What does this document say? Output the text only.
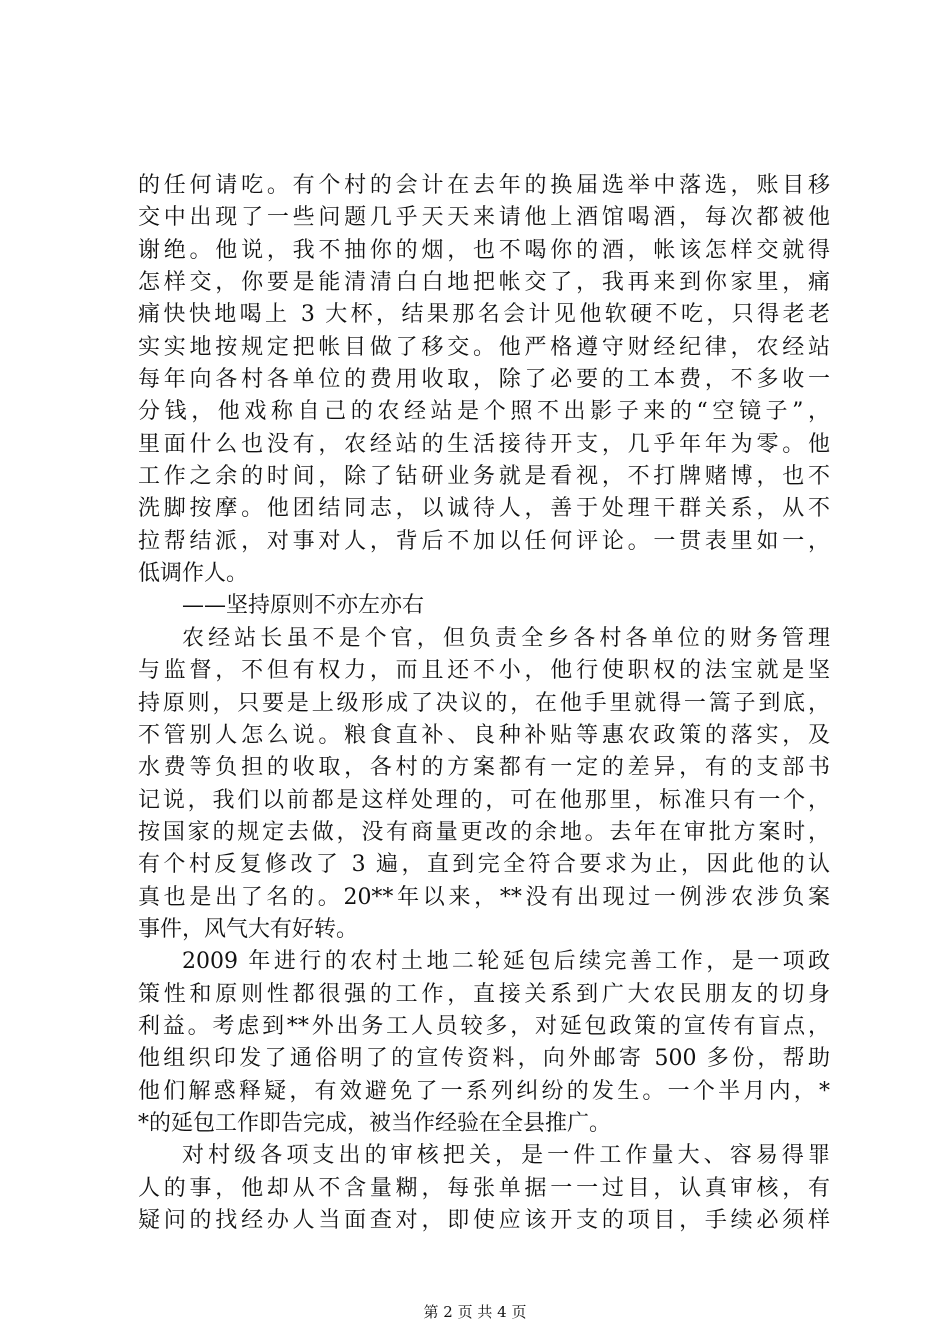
的任何请吃。有个村的会计在去年的换届选举中落选，账目移
交中出现了一些问题几乎天天来请他上酒馆喝酒，每次都被他
谢绝。他说，我不抽你的烟，也不喝你的酒，帐该怎样交就得
怎样交，你要是能清清白白地把帐交了，我再来到你家里，痛
痛快快地喝上 3 大杯，结果那名会计见他软硬不吃，只得老老
实实地按规定把帐目做了移交。他严格遵守财经纪律，农经站
每年向各村各单位的费用收取，除了必要的工本费，不多收一
分钱，他戏称自己的农经站是个照不出影子来的“空镜子”，
里面什么也没有，农经站的生活接待开支，几乎年年为零。他
工作之余的时间，除了钻研业务就是看视，不打牌赌博，也不
洗脚按摩。他团结同志，以诚待人，善于处理干群关系，从不
拉帮结派，对事对人，背后不加以任何评论。一贯表里如一，
低调作人。
——坚持原则不亦左亦右
农经站长虽不是个官，但负责全乡各村各单位的财务管理
与监督，不但有权力，而且还不小，他行使职权的法宝就是坚
持原则，只要是上级形成了决议的，在他手里就得一篙子到底，
不管别人怎么说。粮食直补、良种补贴等惠农政策的落实，及
水费等负担的收取，各村的方案都有一定的差异，有的支部书
记说，我们以前都是这样处理的，可在他那里，标准只有一个，
按国家的规定去做，没有商量更改的余地。去年在审批方案时，
有个村反复修改了 3 遍，直到完全符合要求为止，因此他的认
真也是出了名的。20**年以来，**没有出现过一例涉农涉负案
事件，风气大有好转。
2009 年进行的农村土地二轮延包后续完善工作，是一项政
策性和原则性都很强的工作，直接关系到广大农民朋友的切身
利益。考虑到**外出务工人员较多，对延包政策的宣传有盲点，
他组织印发了通俗明了的宣传资料，向外邮寄 500 多份，帮助
他们解惑释疑，有效避免了一系列纠纷的发生。一个半月内，*
*的延包工作即告完成，被当作经验在全县推广。
对村级各项支出的审核把关，是一件工作量大、容易得罪
人的事，他却从不含量糊，每张单据一一过目，认真审核，有
疑问的找经办人当面查对，即使应该开支的项目，手续必须样
第 2 页 共 4 页
